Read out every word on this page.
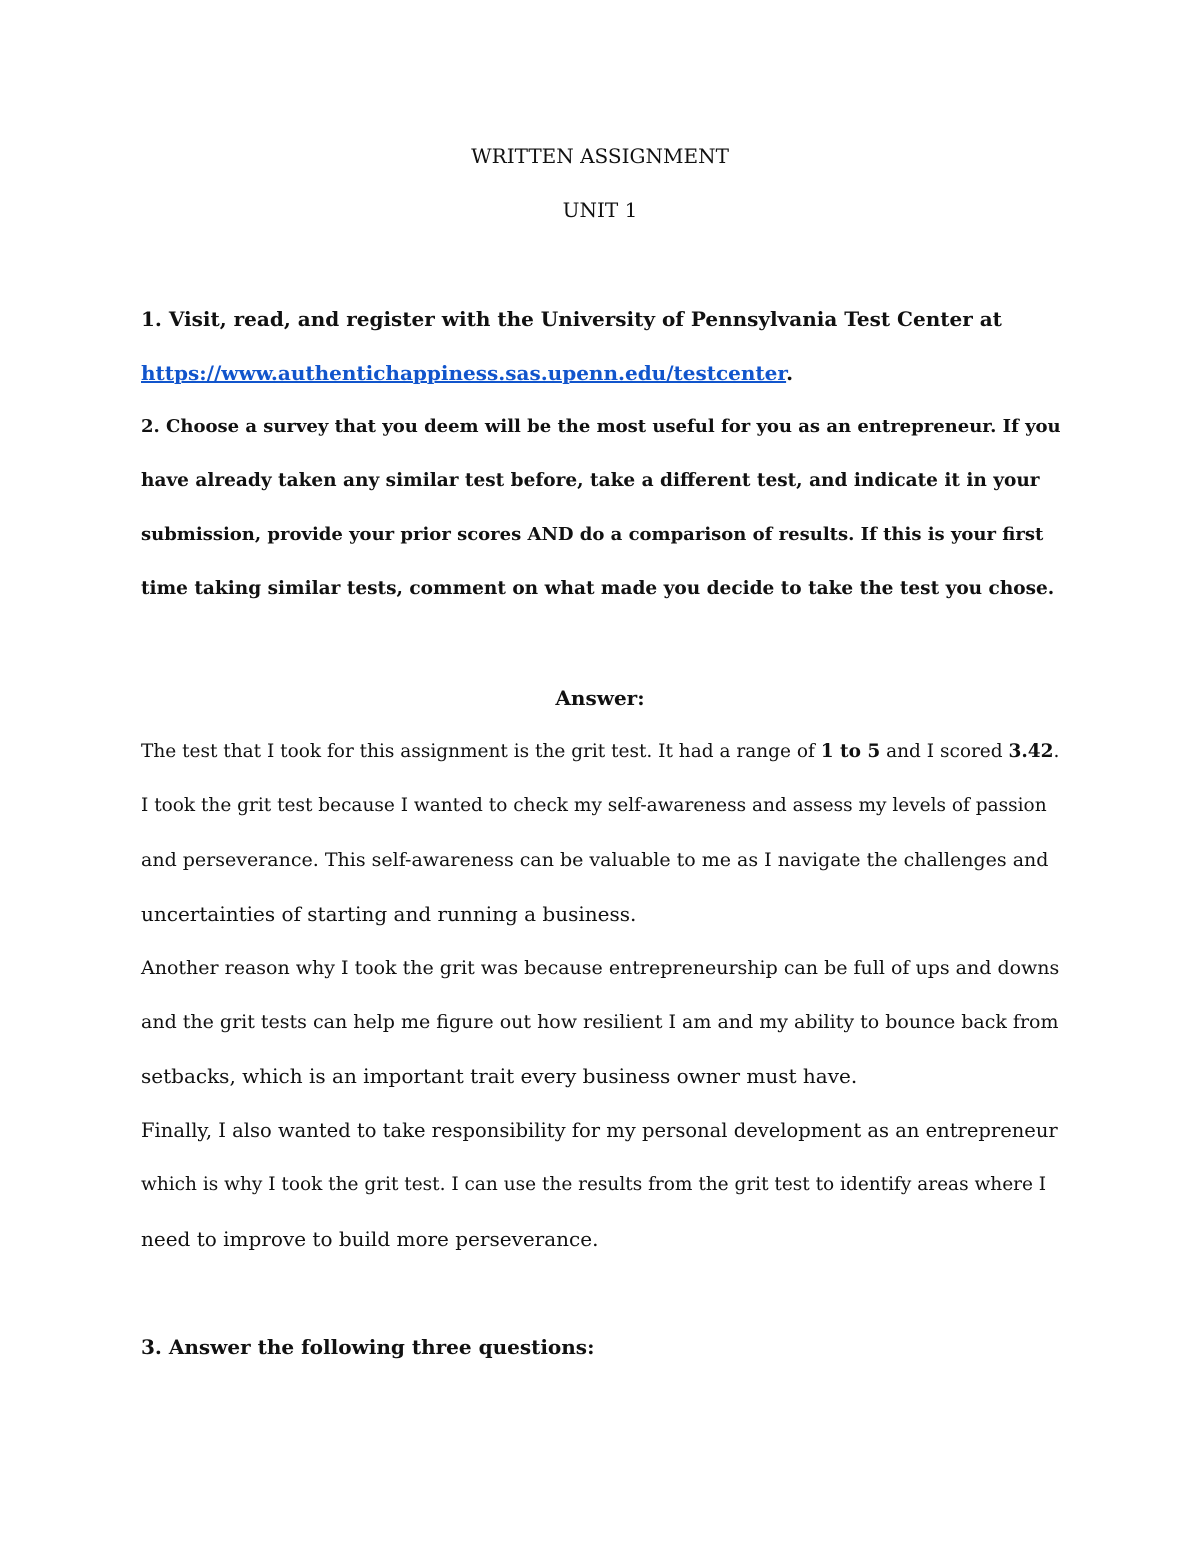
WRITTEN ASSIGNMENT
UNIT 1
1. Visit, read, and register with the University of Pennsylvania Test Center at
https://www.authentichappiness.sas.upenn.edu/testcenter.
2. Choose a survey that you deem will be the most useful for you as an entrepreneur. If you
have already taken any similar test before, take a different test, and indicate it in your
submission, provide your prior scores AND do a comparison of results. If this is your first
time taking similar tests, comment on what made you decide to take the test you chose.
Answer:
The test that I took for this assignment is the grit test. It had a range of 1 to 5 and I scored 3.42.
I took the grit test because I wanted to check my self-awareness and assess my levels of passion
and perseverance. This self-awareness can be valuable to me as I navigate the challenges and
uncertainties of starting and running a business.
Another reason why I took the grit was because entrepreneurship can be full of ups and downs
and the grit tests can help me figure out how resilient I am and my ability to bounce back from
setbacks, which is an important trait every business owner must have.
Finally, I also wanted to take responsibility for my personal development as an entrepreneur
which is why I took the grit test. I can use the results from the grit test to identify areas where I
need to improve to build more perseverance.
3. Answer the following three questions:
